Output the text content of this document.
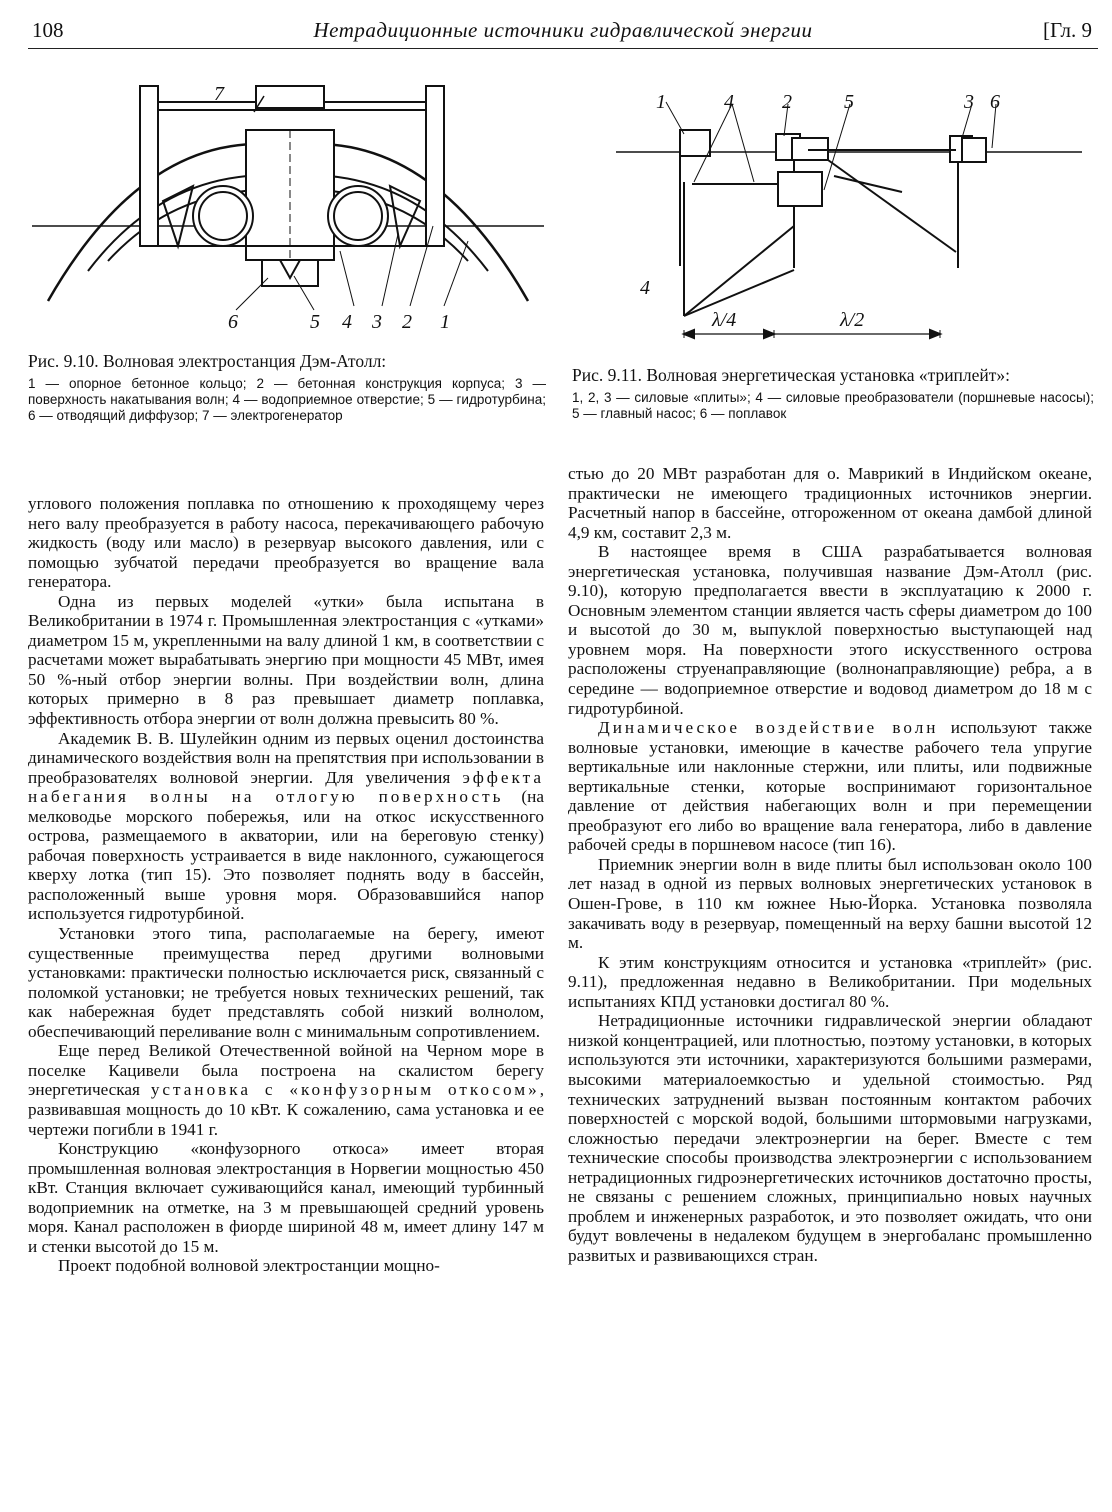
108	Нетрадиционные источники гидравлической энергии	[Гл. 9
7
6	5 4 3 2 1
Рис. 9.10. Волновая электростанция Дэм-Атолл:
1 — опорное бетонное кольцо; 2 — бетонная конструкция корпуса; 3 — поверхность накатывания волн; 4 — водоприемное отверстие; 5 — гидротурбина; 6 — отводящий диффузор; 7 — электрогенератор
1	4 2	5	3 6
4
λ/4	λ/2
Рис. 9.11. Волновая энергетическая установка «триплейт»:
1, 2, 3 — силовые «плиты»; 4 — силовые преобразователи (поршневые насосы); 5 — главный насос; 6 — поплавок

углового положения поплавка по отношению к проходящему через него валу преобразуется в работу насоса, перекачивающего рабочую жидкость (воду или масло) в резервуар высокого давления, или с помощью зубчатой передачи преобразуется во вращение вала генератора.

Одна из первых моделей «утки» была испытана в Великобритании в 1974 г. Промышленная электростанция с «утками» диаметром 15 м, укрепленными на валу длиной 1 км, в соответствии с расчетами может вырабатывать энергию при мощности 45 МВт, имея 50 %-ный отбор энергии волны. При воздействии волн, длина которых примерно в 8 раз превышает диаметр поплавка, эффективность отбора энергии от волн должна превысить 80 %.

Академик В. В. Шулейкин одним из первых оценил достоинства динамического воздействия волн на препятствия при использовании в преобразователях волновой энергии. Для увеличения эффекта набегания волны на отлогую поверхность (на мелководье морского побережья, или на откос искусственного острова, размещаемого в акватории, или на береговую стенку) рабочая поверхность устраивается в виде наклонного, сужающегося кверху лотка (тип 15). Это позволяет поднять воду в бассейн, расположенный выше уровня моря. Образовавшийся напор используется гидротурбиной.

Установки этого типа, располагаемые на берегу, имеют существенные преимущества перед другими волновыми установками: практически полностью исключается риск, связанный с поломкой установки; не требуется новых технических решений, так как набережная будет представлять собой низкий волнолом, обеспечивающий переливание волн с минимальным сопротивлением.

Еще перед Великой Отечественной войной на Черном море в поселке Кацивели была построена на скалистом берегу энергетическая установка с «конфузорным откосом», развивавшая мощность до 10 кВт. К сожалению, сама установка и ее чертежи погибли в 1941 г.

Конструкцию «конфузорного откоса» имеет вторая промышленная волновая электростанция в Норвегии мощностью 450 кВт. Станция включает суживающийся канал, имеющий турбинный водоприемник на отметке, на 3 м превышающей средний уровень моря. Канал расположен в фиорде шириной 48 м, имеет длину 147 м и стенки высотой до 15 м.

Проект подобной волновой электростанции мощно-

стью до 20 МВт разработан для о. Маврикий в Индийском океане, практически не имеющего традиционных источников энергии. Расчетный напор в бассейне, отгороженном от океана дамбой длиной 4,9 км, составит 2,3 м.

В настоящее время в США разрабатывается волновая энергетическая установка, получившая название Дэм-Атолл (рис. 9.10), которую предполагается ввести в эксплуатацию к 2000 г. Основным элементом станции является часть сферы диаметром до 100 и высотой до 30 м, выпуклой поверхностью выступающей над уровнем моря. На поверхности этого искусственного острова расположены струенаправляющие (волнонаправляющие) ребра, а в середине — водоприемное отверстие и водовод диаметром до 18 м с гидротурбиной.

Динамическое воздействие волн используют также волновые установки, имеющие в качестве рабочего тела упругие вертикальные или наклонные стержни, или плиты, или подвижные вертикальные стенки, которые воспринимают горизонтальное давление от действия набегающих волн и при перемещении преобразуют его либо во вращение вала генератора, либо в давление рабочей среды в поршневом насосе (тип 16).

Приемник энергии волн в виде плиты был использован около 100 лет назад в одной из первых волновых энергетических установок в Ошен-Грове, в 110 км южнее Нью-Йорка. Установка позволяла закачивать воду в резервуар, помещенный на верху башни высотой 12 м.

К этим конструкциям относится и установка «триплейт» (рис. 9.11), предложенная недавно в Великобритании. При модельных испытаниях КПД установки достигал 80 %.

Нетрадиционные источники гидравлической энергии обладают низкой концентрацией, или плотностью, поэтому установки, в которых используются эти источники, характеризуются большими размерами, высокими материалоемкостью и удельной стоимостью. Ряд технических затруднений вызван постоянным контактом рабочих поверхностей с морской водой, большими штормовыми нагрузками, сложностью передачи электроэнергии на берег. Вместе с тем технические способы производства электроэнергии с использованием нетрадиционных гидроэнергетических источников достаточно просты, не связаны с решением сложных, принципиально новых научных проблем и инженерных разработок, и это позволяет ожидать, что они будут вовлечены в недалеком будущем в энергобаланс промышленно развитых и развивающихся стран.
